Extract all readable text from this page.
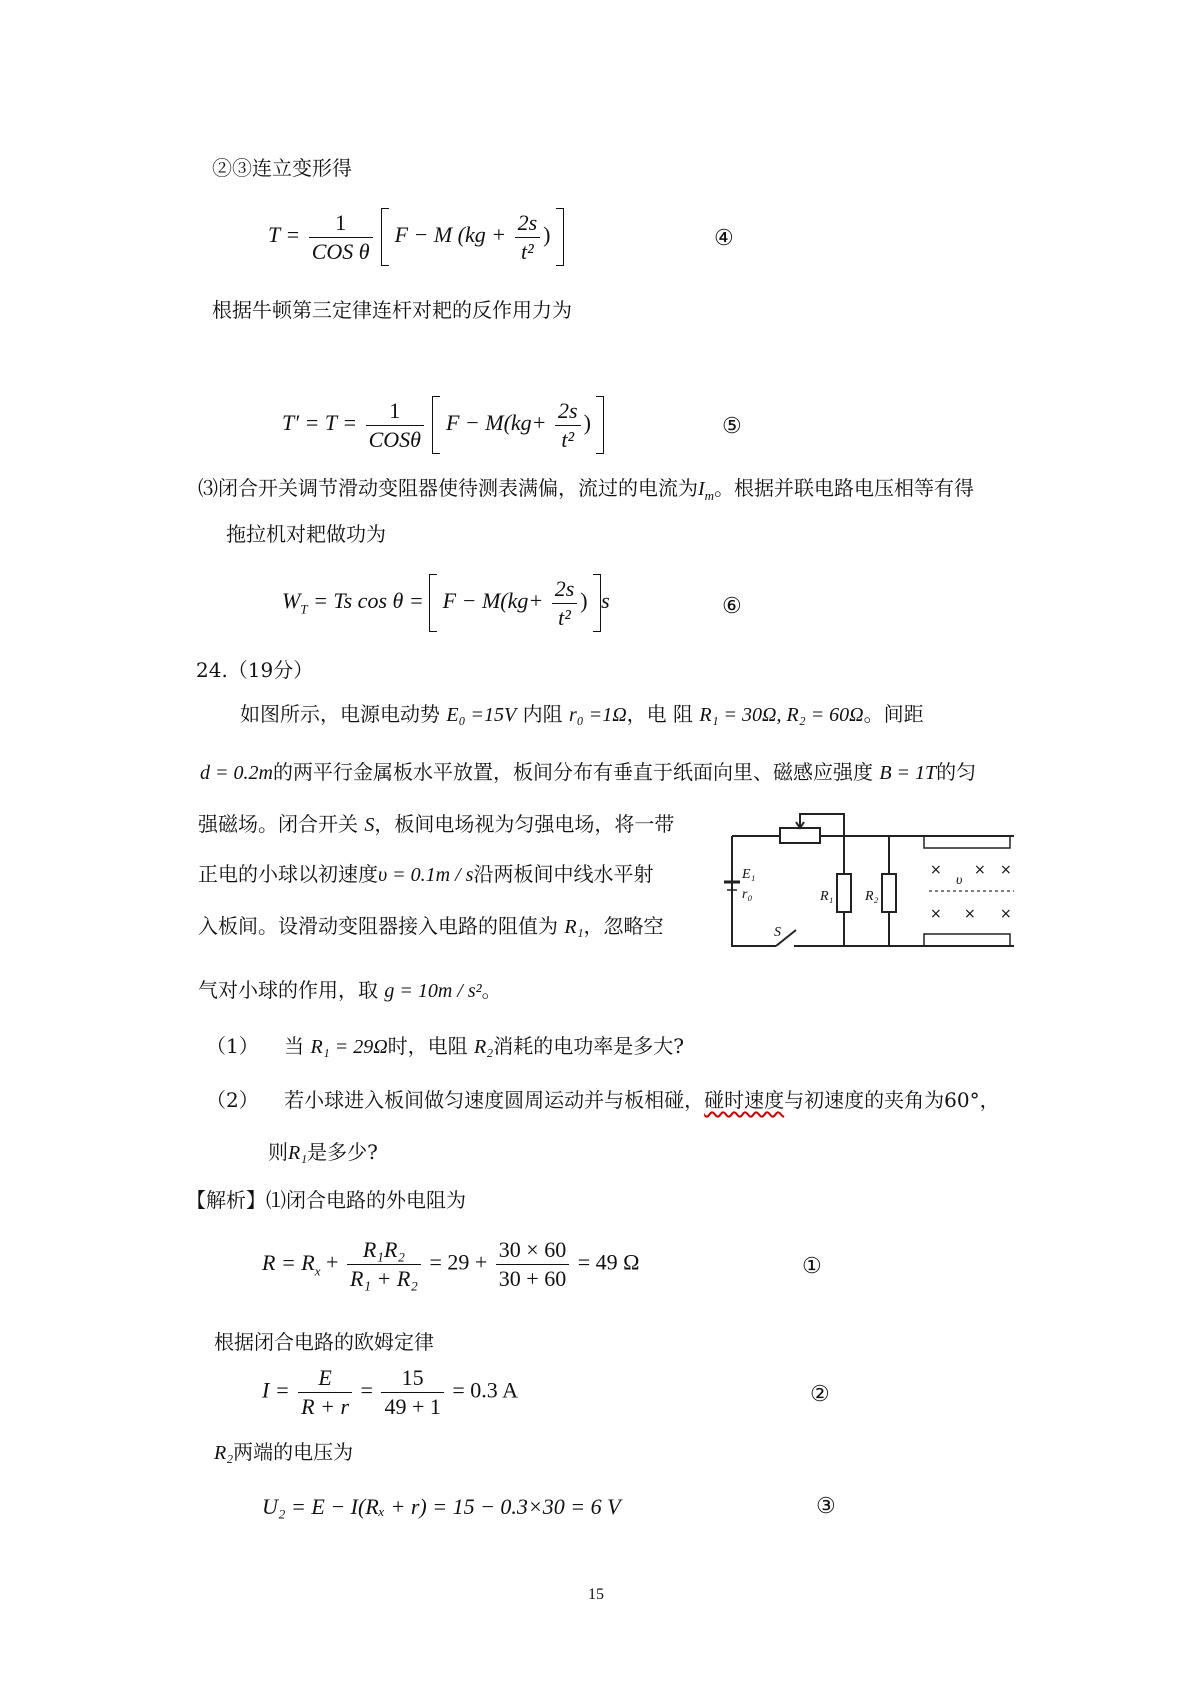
②③连立变形得
$T = \frac{1}{\text{COS θ}}$ F − M ($kg + \frac{2s}{\text{t²}}$ )	④
根据牛顿第三定律连杆对耙的反作用力为
$T' = T = \frac{1}{\text{COSθ}}$ $F - M(kg+ \frac{2s}{\text{t²}}$ )	⑤
⑶闭合开关调节滑动变阻器使待测表满偏，流过的电流为$I_m$。根据并联电路电压相等有得
拖拉机对耙做功为
$W_T = Ts$ $\cos \theta = F - M(kg+ \frac{2s}{\text{t²}}$ ) s	⑥
24.（19分）
如图所示，电源电动势 E₀ =15V 内阻 r₀ =1Ω，电 阻 R₁ = 30Ω, R₂ = 60Ω。间距
d = 0.2m的两平行金属板水平放置，板间分布有垂直于纸面向里、磁感应强度 B = 1T的匀
强磁场。闭合开关 S，板间电场视为匀强电场，将一带
正电的小球以初速度υ = 0.1m / s沿两板间中线水平射
入板间。设滑动变阻器接入电路的阻值为 R₁，忽略空
气对小球的作用，取 g = 10m / s²。
E₁
r₀	R₁ R₂
S
υ
× × ×
× × ×
（1） 当 R₁ = 29Ω时，电阻 R₂消耗的电功率是多大?
（2） 若小球进入板间做匀速度圆周运动并与板相碰，碰时速度与初速度的夹角为60°，
则R₁是多少?
【解析】⑴闭合电路的外电阻为
$R = R_x + \frac{\text{R₁R₂}}{\text{R₁ + R₂}} = 29 + \frac{30 \times 60}{30 + 60} = 49$ Ω	①
根据闭合电路的欧姆定律
$I = \frac{E}{R + r} = \frac{15}{49 + 1} = 0.3$ A	②
R₂两端的电压为
U₂ = E − I(Rₓ + r) = 15 − 0.3×30 = 6 V	③
15
